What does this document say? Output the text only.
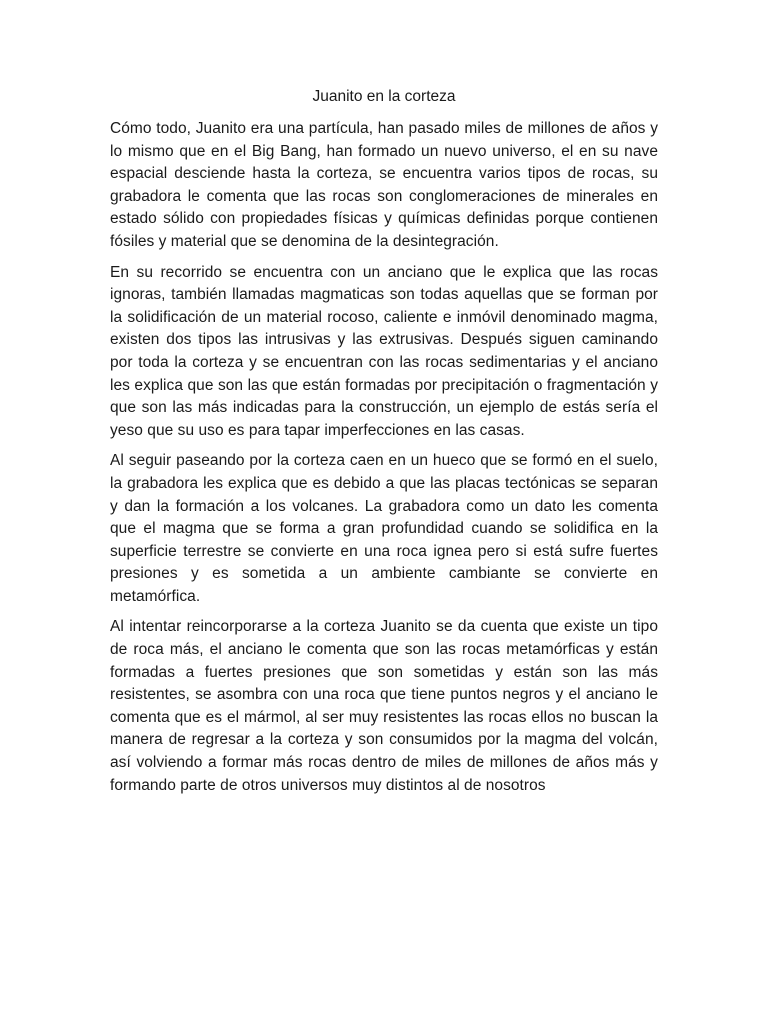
Juanito en la corteza

Cómo todo, Juanito era una partícula, han pasado miles de millones de años y lo mismo que en el Big Bang, han formado un nuevo universo, el en su nave espacial desciende hasta la corteza, se encuentra varios tipos de rocas, su grabadora le comenta que las rocas son conglomeraciones de minerales en estado sólido con propiedades físicas y químicas definidas porque contienen fósiles y material que se denomina de la desintegración.

En su recorrido se encuentra con un anciano que le explica que las rocas ignoras, también llamadas magmaticas son todas aquellas que se forman por la solidificación de un material rocoso, caliente e inmóvil denominado magma, existen dos tipos las intrusivas y las extrusivas. Después siguen caminando por toda la corteza y se encuentran con las rocas sedimentarias y el anciano les explica que son las que están formadas por precipitación o fragmentación y que son las más indicadas para la construcción, un ejemplo de estás sería el yeso que su uso es para tapar imperfecciones en las casas.

Al seguir paseando por la corteza caen en un hueco que se formó en el suelo, la grabadora les explica que es debido a que las placas tectónicas se separan y dan la formación a los volcanes. La grabadora como un dato les comenta que el magma que se forma a gran profundidad cuando se solidifica en la superficie terrestre se convierte en una roca ignea pero si está sufre fuertes presiones y es sometida a un ambiente cambiante se convierte en metamórfica.

Al intentar reincorporarse a la corteza Juanito se da cuenta que existe un tipo de roca más, el anciano le comenta que son las rocas metamórficas y están formadas a fuertes presiones que son sometidas y están son las más resistentes, se asombra con una roca que tiene puntos negros y el anciano le comenta que es el mármol, al ser muy resistentes las rocas ellos no buscan la manera de regresar a la corteza y son consumidos por la magma del volcán, así volviendo a formar más rocas dentro de miles de millones de años más y formando parte de otros universos muy distintos al de nosotros
